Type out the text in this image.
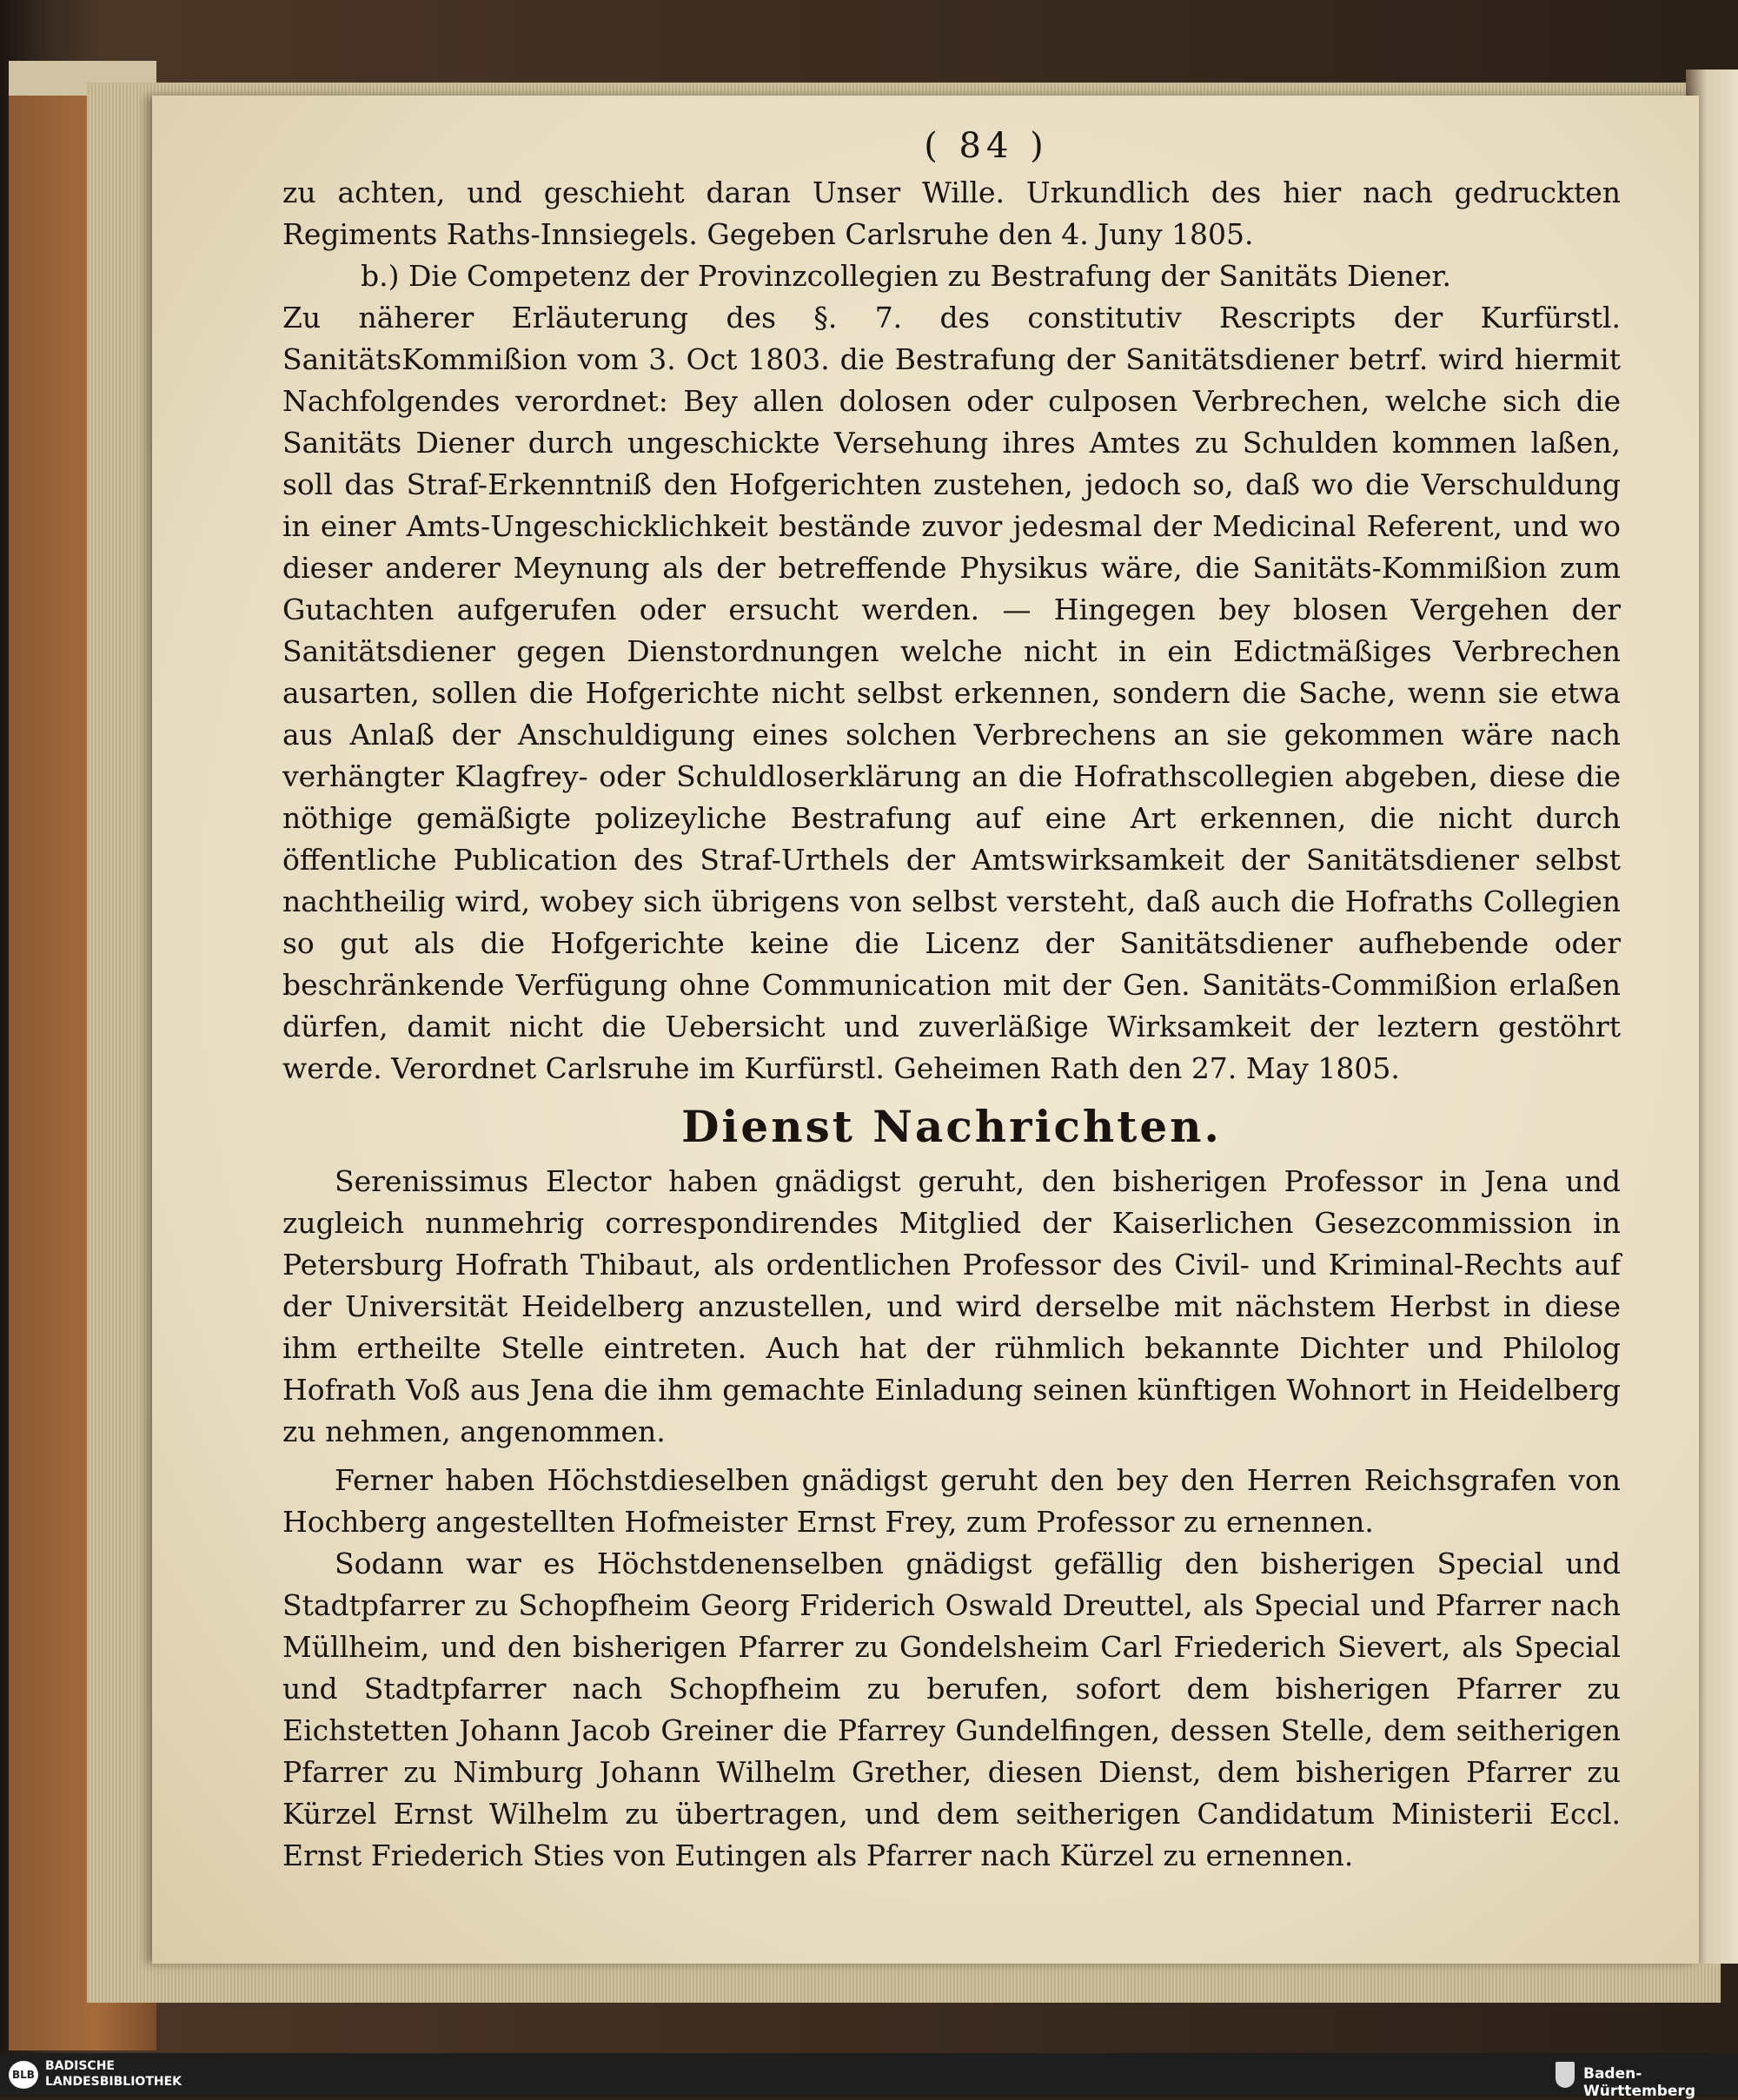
( 84 )

zu achten, und geschieht daran Unser Wille. Urkundlich des hier nach gedruckten Regiments Raths-Innsiegels. Gegeben Carlsruhe den 4. Juny 1805.

b.) Die Competenz der Provinzcollegien zu Bestrafung der Sanitäts Diener.

Zu näherer Erläuterung des §. 7. des constitutiv Rescripts der Kurfürstl. SanitätsKommißion vom 3. Oct 1803. die Bestrafung der Sanitätsdiener betrf. wird hiermit Nachfolgendes verordnet: Bey allen dolosen oder culposen Verbrechen, welche sich die Sanitäts Diener durch ungeschickte Versehung ihres Amtes zu Schulden kommen laßen, soll das Straf-Erkenntniß den Hofgerichten zustehen, jedoch so, daß wo die Verschuldung in einer Amts-Ungeschicklichkeit bestände zuvor jedesmal der Medicinal Referent, und wo dieser anderer Meynung als der betreffende Physikus wäre, die Sanitäts-Kommißion zum Gutachten aufgerufen oder ersucht werden. — Hingegen bey blosen Vergehen der Sanitätsdiener gegen Dienstordnungen welche nicht in ein Edictmäßiges Verbrechen ausarten, sollen die Hofgerichte nicht selbst erkennen, sondern die Sache, wenn sie etwa aus Anlaß der Anschuldigung eines solchen Verbrechens an sie gekommen wäre nach verhängter Klagfrey- oder Schuldloserklärung an die Hofrathscollegien abgeben, diese die nöthige gemäßigte polizeyliche Bestrafung auf eine Art erkennen, die nicht durch öffentliche Publication des Straf-Urthels der Amtswirksamkeit der Sanitätsdiener selbst nachtheilig wird, wobey sich übrigens von selbst versteht, daß auch die Hofraths Collegien so gut als die Hofgerichte keine die Licenz der Sanitätsdiener aufhebende oder beschränkende Verfügung ohne Communication mit der Gen. Sanitäts-Commißion erlaßen dürfen, damit nicht die Uebersicht und zuverläßige Wirksamkeit der leztern gestöhrt werde. Verordnet Carlsruhe im Kurfürstl. Geheimen Rath den 27. May 1805.

Dienst Nachrichten.

Serenissimus Elector haben gnädigst geruht, den bisherigen Professor in Jena und zugleich nunmehrig correspondirendes Mitglied der Kaiserlichen Gesezcommission in Petersburg Hofrath Thibaut, als ordentlichen Professor des Civil- und Kriminal-Rechts auf der Universität Heidelberg anzustellen, und wird derselbe mit nächstem Herbst in diese ihm ertheilte Stelle eintreten. Auch hat der rühmlich bekannte Dichter und Philolog Hofrath Voß aus Jena die ihm gemachte Einladung seinen künftigen Wohnort in Heidelberg zu nehmen, angenommen.

Ferner haben Höchstdieselben gnädigst geruht den bey den Herren Reichsgrafen von Hochberg angestellten Hofmeister Ernst Frey, zum Professor zu ernennen.

Sodann war es Höchstdenenselben gnädigst gefällig den bisherigen Special und Stadtpfarrer zu Schopfheim Georg Friderich Oswald Dreuttel, als Special und Pfarrer nach Müllheim, und den bisherigen Pfarrer zu Gondelsheim Carl Friederich Sievert, als Special und Stadtpfarrer nach Schopfheim zu berufen, sofort dem bisherigen Pfarrer zu Eichstetten Johann Jacob Greiner die Pfarrey Gundelfingen, dessen Stelle, dem seitherigen Pfarrer zu Nimburg Johann Wilhelm Grether, diesen Dienst, dem bisherigen Pfarrer zu Kürzel Ernst Wilhelm zu übertragen, und dem seitherigen Candidatum Ministerii Eccl. Ernst Friederich Sties von Eutingen als Pfarrer nach Kürzel zu ernennen.

BLB
BADISCHE
LANDESBIBLIOTHEK	Baden-Württemberg
